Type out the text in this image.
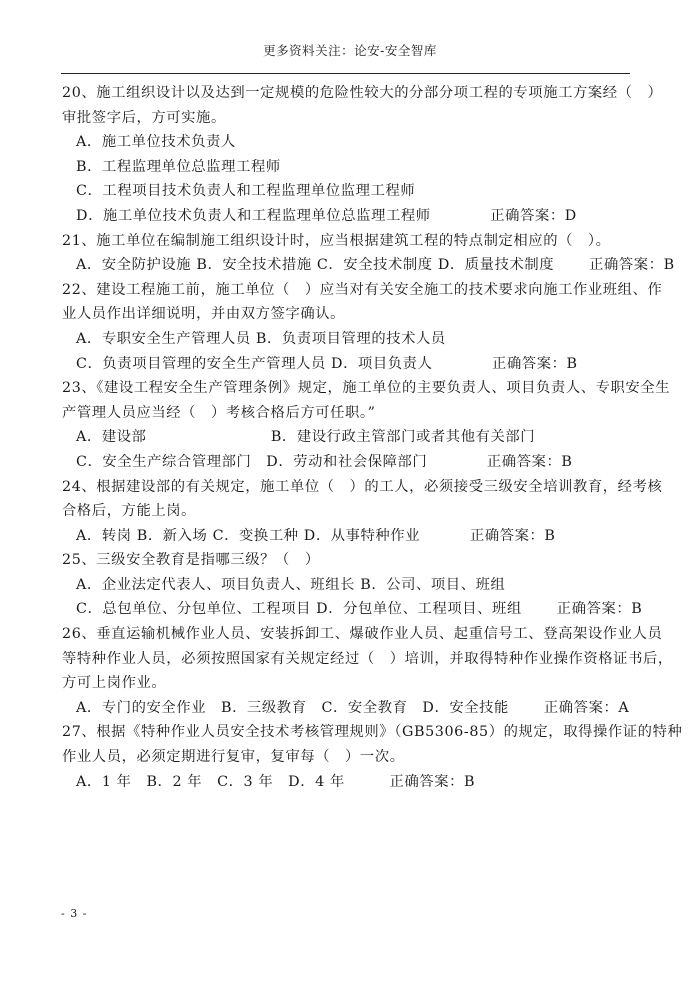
更多资料关注：论安-安全智库
20、施工组织设计以及达到一定规模的危险性较大的分部分项工程的专项施工方案经（　）
审批签字后，方可实施。
A．施工单位技术负责人
B．工程监理单位总监理工程师
C．工程项目技术负责人和工程监理单位监理工程师
D．施工单位技术负责人和工程监理单位总监理工程师　　　　正确答案：D
21、施工单位在编制施工组织设计时，应当根据建筑工程的特点制定相应的（　）。
A．安全防护设施 B．安全技术措施 C．安全技术制度 D．质量技术制度　　 正确答案：B
22、建设工程施工前，施工单位（　）应当对有关安全施工的技术要求向施工作业班组、作
业人员作出详细说明，并由双方签字确认。
A．专职安全生产管理人员 B．负责项目管理的技术人员
C．负责项目管理的安全生产管理人员 D．项目负责人　　　　正确答案：B
23、《建设工程安全生产管理条例》规定，施工单位的主要负责人、项目负责人、专职安全生
产管理人员应当经（　）考核合格后方可任职。”
A．建设部　　　　　　　　 B．建设行政主管部门或者其他有关部门
C．安全生产综合管理部门　D．劳动和社会保障部门　　　　正确答案：B
24、根据建设部的有关规定，施工单位（　）的工人，必须接受三级安全培训教育，经考核
合格后，方能上岗。
A．转岗 B．新入场 C．变换工种 D．从事特种作业　　　 正确答案：B
25、三级安全教育是指哪三级？（　）
A．企业法定代表人、项目负责人、班组长 B．公司、项目、班组
C．总包单位、分包单位、工程项目 D．分包单位、工程项目、班组　　 正确答案：B
26、垂直运输机械作业人员、安装拆卸工、爆破作业人员、起重信号工、登高架设作业人员
等特种作业人员，必须按照国家有关规定经过（　）培训，并取得特种作业操作资格证书后，
方可上岗作业。
A．专门的安全作业　B．三级教育　C．安全教育　D．安全技能　　 正确答案：A
27、根据《特种作业人员安全技术考核管理规则》（GB5306-85）的规定，取得操作证的特种
作业人员，必须定期进行复审，复审每（　）一次。
A．1 年　B．2 年　C．3 年　D．4 年　　　正确答案：B
- 3 -
